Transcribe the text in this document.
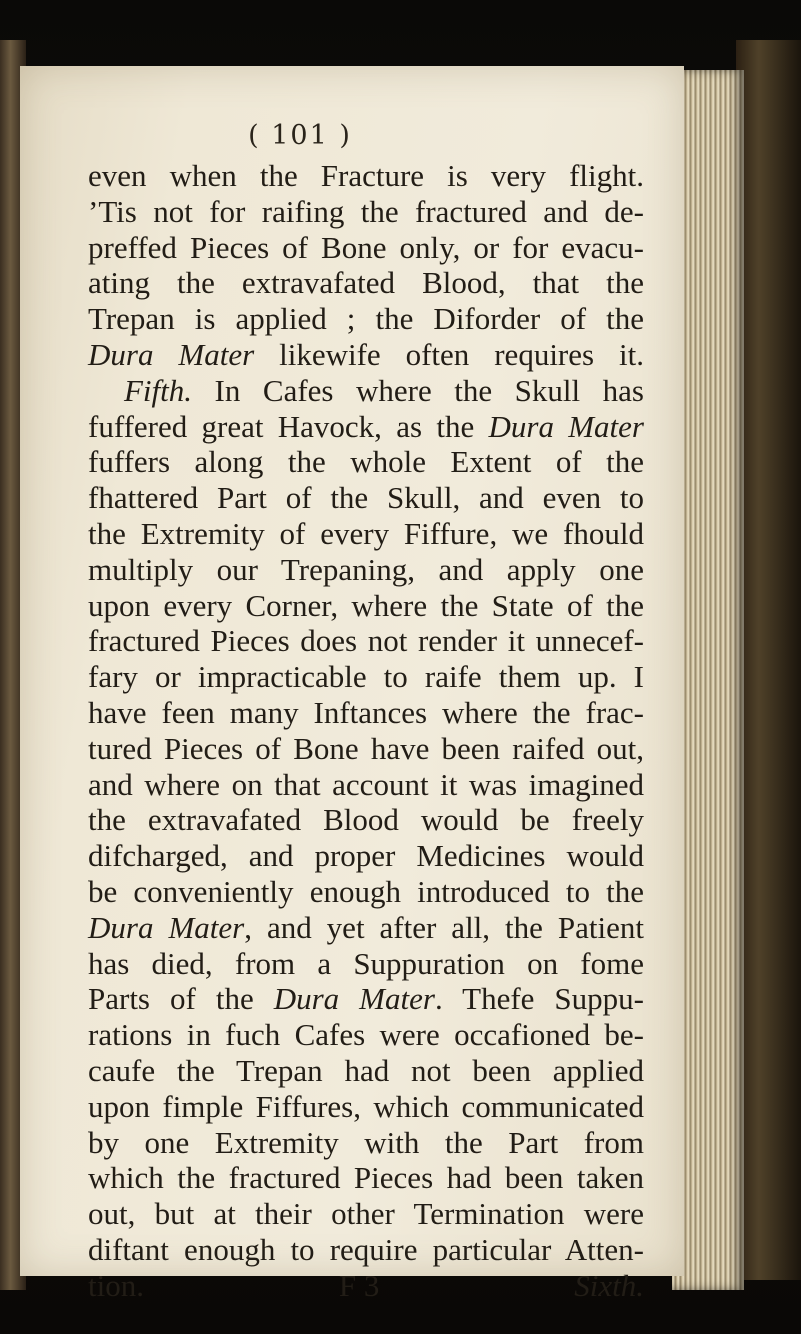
( 101 )
even when the Fracture is very flight.
’Tis not for raifing the fractured and de-
preffed Pieces of Bone only, or for evacu-
ating the extravafated Blood, that the
Trepan is applied ; the Diforder of the
Dura Mater likewife often requires it.
Fifth. In Cafes where the Skull has
fuffered great Havock, as the Dura Mater
fuffers along the whole Extent of the
fhattered Part of the Skull, and even to
the Extremity of every Fiffure, we fhould
multiply our Trepaning, and apply one
upon every Corner, where the State of the
fractured Pieces does not render it unnecef-
fary or impracticable to raife them up. I
have feen many Inftances where the frac-
tured Pieces of Bone have been raifed out,
and where on that account it was imagined
the extravafated Blood would be freely
difcharged, and proper Medicines would
be conveniently enough introduced to the
Dura Mater, and yet after all, the Patient
has died, from a Suppuration on fome
Parts of the Dura Mater. Thefe Suppu-
rations in fuch Cafes were occafioned be-
caufe the Trepan had not been applied
upon fimple Fiffures, which communicated
by one Extremity with the Part from
which the fractured Pieces had been taken
out, but at their other Termination were
diftant enough to require particular Atten-
tion.	F 3	Sixth.
